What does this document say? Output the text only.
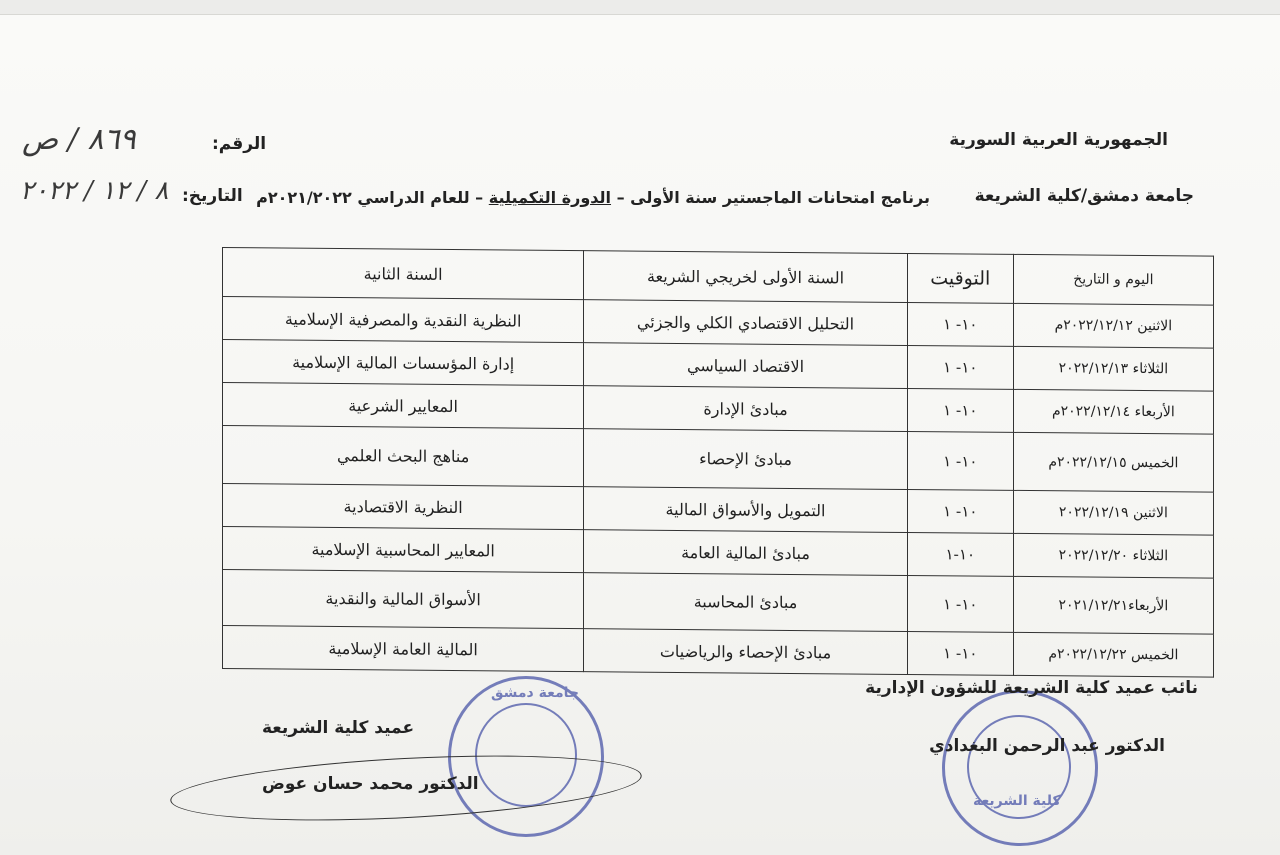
الجمهورية العربية السورية
جامعة دمشق/كلية الشريعة
برنامج امتحانات الماجستير سنة الأولى – الدورة التكميلية – للعام الدراسي ٢٠٢١/٢٠٢٢م
الرقم:
٨٦٩ / ص
التاريخ:
٨ / ١٢ / ٢٠٢٢
اليوم و التاريخ	التوقيت	السنة الأولى لخريجي الشريعة	السنة الثانية
الاثنين ٢٠٢٢/١٢/١٢م	١٠- ١	التحليل الاقتصادي الكلي والجزئي	النظرية النقدية والمصرفية الإسلامية
الثلاثاء ٢٠٢٢/١٢/١٣	١٠- ١	الاقتصاد السياسي	إدارة المؤسسات المالية الإسلامية
الأربعاء ٢٠٢٢/١٢/١٤م	١٠- ١	مبادئ الإدارة	المعايير الشرعية
الخميس ٢٠٢٢/١٢/١٥م	١٠- ١	مبادئ الإحصاء	مناهج البحث العلمي
الاثنين ٢٠٢٢/١٢/١٩	١٠- ١	التمويل والأسواق المالية	النظرية الاقتصادية
الثلاثاء ٢٠٢٢/١٢/٢٠	١٠-١	مبادئ المالية العامة	المعايير المحاسبية الإسلامية
الأربعاء٢٠٢١/١٢/٢١	١٠- ١	مبادئ المحاسبة	الأسواق المالية والنقدية
الخميس ٢٠٢٢/١٢/٢٢م	١٠- ١	مبادئ الإحصاء والرياضيات	المالية العامة الإسلامية
كلية الشريعة
جامعة دمشق	نائب عميد كلية الشريعة للشؤون الإدارية
الدكتور عبد الرحمن البغدادي
عميد كلية الشريعة
الدكتور محمد حسان عوض
